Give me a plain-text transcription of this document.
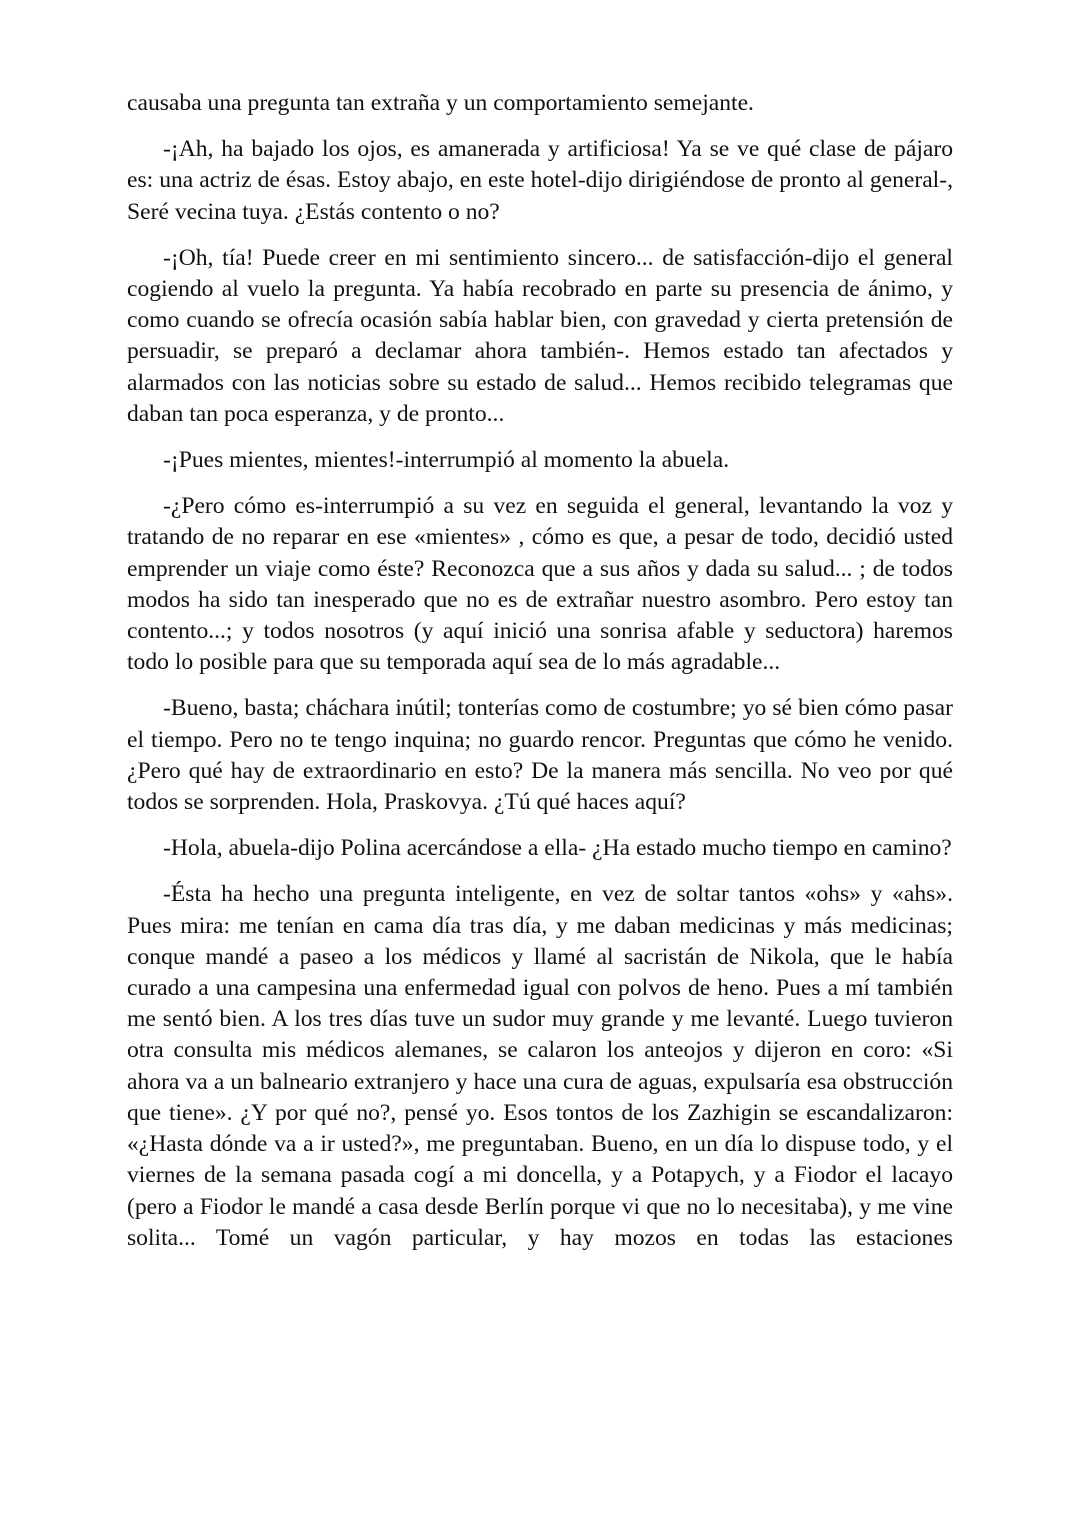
causaba una pregunta tan extraña y un comportamiento semejante.

-¡Ah, ha bajado los ojos, es amanerada y artificiosa! Ya se ve qué clase de pájaro es: una actriz de ésas. Estoy abajo, en este hotel-dijo dirigiéndose de pronto al general-, Seré vecina tuya. ¿Estás contento o no?

-¡Oh, tía! Puede creer en mi sentimiento sincero... de satisfacción-dijo el general cogiendo al vuelo la pregunta. Ya había recobrado en parte su presencia de ánimo, y como cuando se ofrecía ocasión sabía hablar bien, con gravedad y cierta pretensión de persuadir, se preparó a declamar ahora también-. Hemos estado tan afectados y alarmados con las noticias sobre su estado de salud... Hemos recibido telegramas que daban tan poca esperanza, y de pronto...

-¡Pues mientes, mientes!-interrumpió al momento la abuela.

-¿Pero cómo es-interrumpió a su vez en seguida el general, levantando la voz y tratando de no reparar en ese «mientes» , cómo es que, a pesar de todo, decidió usted emprender un viaje como éste? Reconozca que a sus años y dada su salud... ; de todos modos ha sido tan inesperado que no es de extrañar nuestro asombro. Pero estoy tan contento...; y todos nosotros (y aquí inició una sonrisa afable y seductora) haremos todo lo posible para que su temporada aquí sea de lo más agradable...

-Bueno, basta; cháchara inútil; tonterías como de costumbre; yo sé bien cómo pasar el tiempo. Pero no te tengo inquina; no guardo rencor. Preguntas que cómo he venido. ¿Pero qué hay de extraordinario en esto? De la manera más sencilla. No veo por qué todos se sorprenden. Hola, Praskovya. ¿Tú qué haces aquí?

-Hola, abuela-dijo Polina acercándose a ella- ¿Ha estado mucho tiempo en camino?

-Ésta ha hecho una pregunta inteligente, en vez de soltar tantos «ohs» y «ahs». Pues mira: me tenían en cama día tras día, y me daban medicinas y más medicinas; conque mandé a paseo a los médicos y llamé al sacristán de Nikola, que le había curado a una campesina una enfermedad igual con polvos de heno. Pues a mí también me sentó bien. A los tres días tuve un sudor muy grande y me levanté. Luego tuvieron otra consulta mis médicos alemanes, se calaron los anteojos y dijeron en coro: «Si ahora va a un balneario extranjero y hace una cura de aguas, expulsaría esa obstrucción que tiene». ¿Y por qué no?, pensé yo. Esos tontos de los Zazhigin se escandalizaron: «¿Hasta dónde va a ir usted?», me preguntaban. Bueno, en un día lo dispuse todo, y el viernes de la semana pasada cogí a mi doncella, y a Potapych, y a Fiodor el lacayo (pero a Fiodor le mandé a casa desde Berlín porque vi que no lo necesitaba), y me vine solita... Tomé un vagón particular, y hay mozos en todas las estaciones
